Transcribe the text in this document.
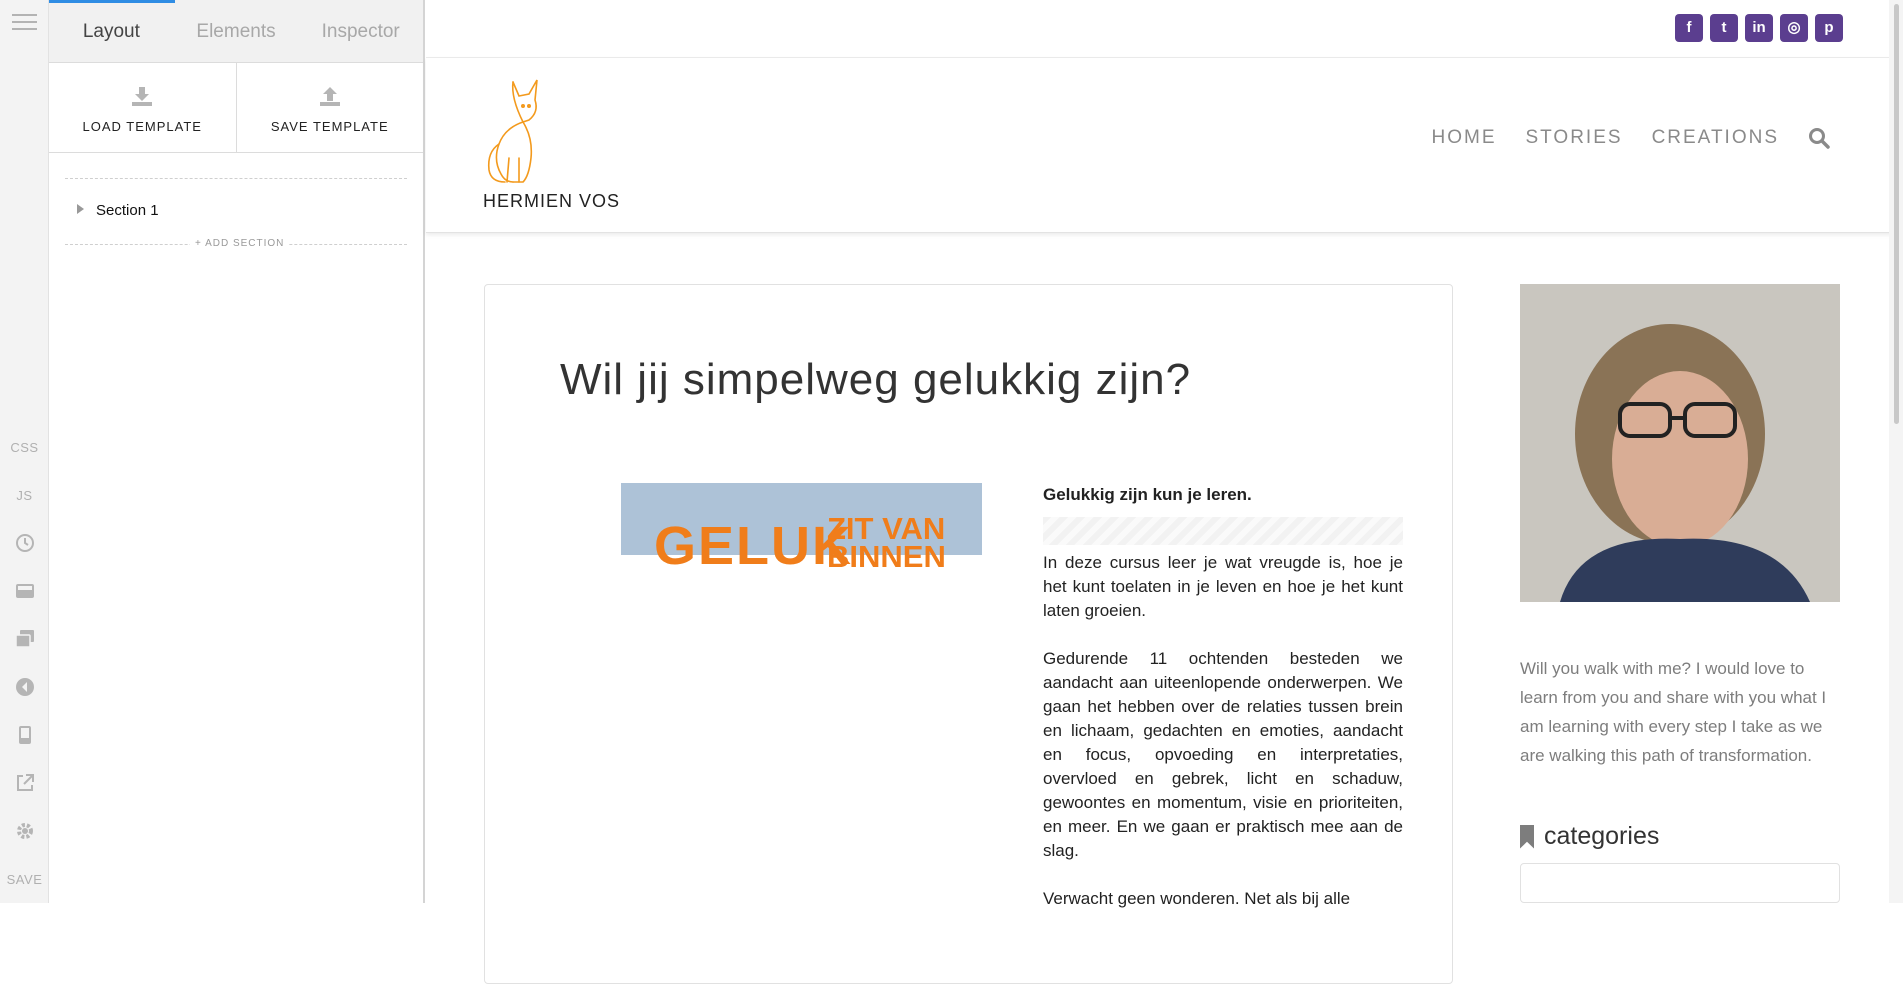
CSS
JS
SAVE
Layout	Elements	Inspector
LOAD TEMPLATE	SAVE TEMPLATE
Section 1
+ ADD SECTION
f	t	in	◎	p
HERMIEN VOS
HOME STORIES CREATIONS
Wil jij simpelweg gelukkig zijn?
GELUK
ZIT VAN BINNEN
Gelukkig zijn kun je leren.

In deze cursus leer je wat vreugde is, hoe je het kunt toelaten in je leven en hoe je het kunt laten groeien.

Gedurende 11 ochtenden besteden we aandacht aan uiteenlopende onderwerpen. We gaan het hebben over de relaties tussen brein en lichaam, gedachten en emoties, aandacht en focus, opvoeding en interpretaties, overvloed en gebrek, licht en schaduw, gewoontes en momentum, visie en prioriteiten, en meer. En we gaan er praktisch mee aan de slag.

Verwacht geen wonderen. Net als bij alle

Will you walk with me? I would love to learn from you and share with you what I am learning with every step I take as we are walking this path of transformation.
categories
